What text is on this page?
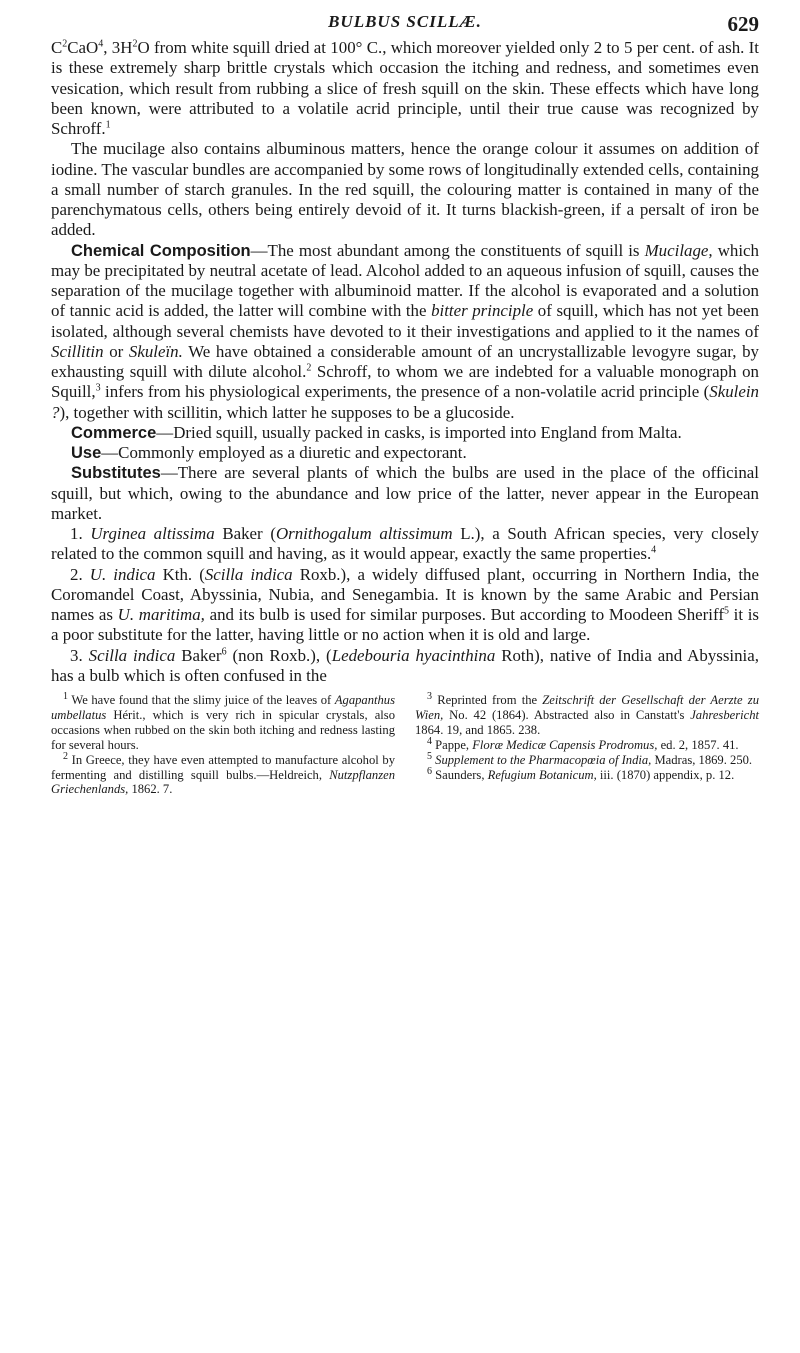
BULBUS SCILLÆ.	629

$C^2CaO^4$, $3H^2O$ from white squill dried at 100° C., which moreover yielded only 2 to 5 per cent. of ash. It is these extremely sharp brittle crystals which occasion the itching and redness, and sometimes even vesication, which result from rubbing a slice of fresh squill on the skin. These effects which have long been known, were attributed to a volatile acrid principle, until their true cause was recognized by Schroff.$^1$

The mucilage also contains albuminous matters, hence the orange colour it assumes on addition of iodine. The vascular bundles are accompanied by some rows of longitudinally extended cells, containing a small number of starch granules. In the red squill, the colouring matter is contained in many of the parenchymatous cells, others being entirely devoid of it. It turns blackish-green, if a persalt of iron be added.

Chemical Composition—The most abundant among the constituents of squill is Mucilage, which may be precipitated by neutral acetate of lead. Alcohol added to an aqueous infusion of squill, causes the separation of the mucilage together with albuminoid matter. If the alcohol is evaporated and a solution of tannic acid is added, the latter will combine with the bitter principle of squill, which has not yet been isolated, although several chemists have devoted to it their investigations and applied to it the names of Scillitin or Skuleïn. We have obtained a considerable amount of an uncrystallizable levogyre sugar, by exhausting squill with dilute alcohol.$^2$ Schroff, to whom we are indebted for a valuable monograph on Squill,$^3$ infers from his physiological experiments, the presence of a non-volatile acrid principle (Skulein ?), together with scillitin, which latter he supposes to be a glucoside.

Commerce—Dried squill, usually packed in casks, is imported into England from Malta.

Use—Commonly employed as a diuretic and expectorant.

Substitutes—There are several plants of which the bulbs are used in the place of the officinal squill, but which, owing to the abundance and low price of the latter, never appear in the European market.

1. Urginea altissima Baker (Ornithogalum altissimum L.), a South African species, very closely related to the common squill and having, as it would appear, exactly the same properties.$^4$

2. U. indica Kth. (Scilla indica Roxb.), a widely diffused plant, occurring in Northern India, the Coromandel Coast, Abyssinia, Nubia, and Senegambia. It is known by the same Arabic and Persian names as U. maritima, and its bulb is used for similar purposes. But according to Moodeen Sheriff$^5$ it is a poor substitute for the latter, having little or no action when it is old and large.

3. Scilla indica Baker$^6$ (non Roxb.), (Ledebouria hyacinthina Roth), native of India and Abyssinia, has a bulb which is often confused in the

$^1$ We have found that the slimy juice of the leaves of Agapanthus umbellatus Hérit., which is very rich in spicular crystals, also occasions when rubbed on the skin both itching and redness lasting for several hours.

$^2$ In Greece, they have even attempted to manufacture alcohol by fermenting and distilling squill bulbs.—Heldreich, Nutzpflanzen Griechenlands, 1862. 7.

$^3$ Reprinted from the Zeitschrift der Gesellschaft der Aerzte zu Wien, No. 42 (1864). Abstracted also in Canstatt's Jahresbericht 1864. 19, and 1865. 238.

$^4$ Pappe, Floræ Medicæ Capensis Prodromus, ed. 2, 1857. 41.

$^5$ Supplement to the Pharmacopœia of India, Madras, 1869. 250.

$^6$ Saunders, Refugium Botanicum, iii. (1870) appendix, p. 12.
